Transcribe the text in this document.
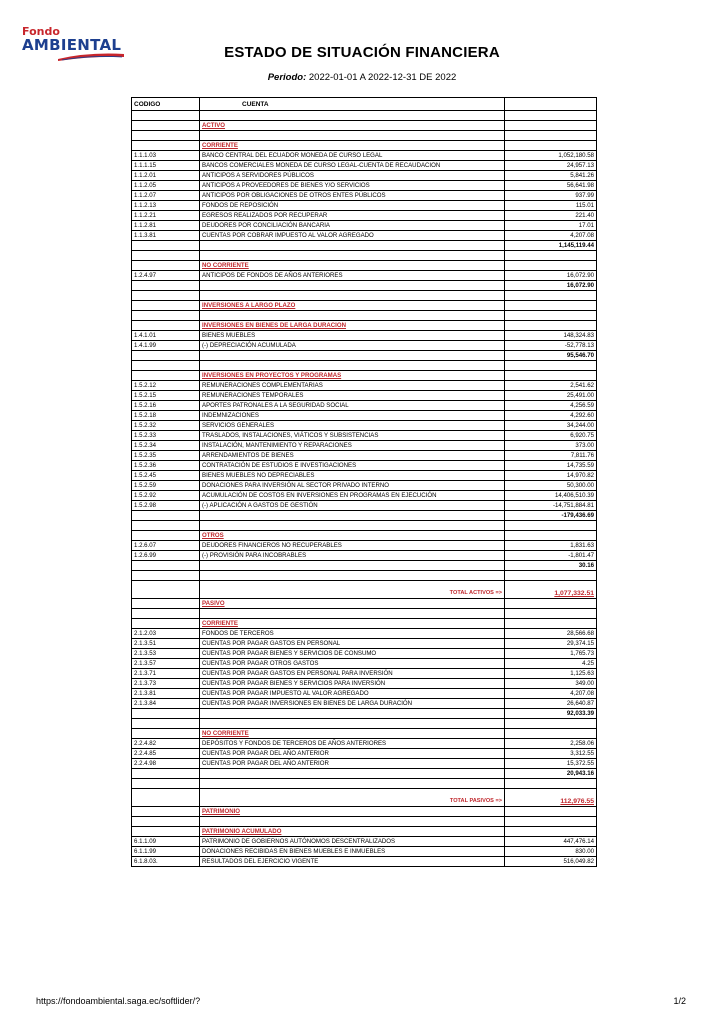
Fondo
AMBIENTAL	ESTADO DE SITUACIÓN FINANCIERA
Periodo: 2022-01-01 A 2022-12-31 DE 2022
CODIGO	CUENTA	

	ACTIVO	

	CORRIENTE	
1.1.1.03	BANCO CENTRAL DEL ECUADOR MONEDA DE CURSO LEGAL	1,052,180.58
1.1.1.15	BANCOS COMERCIALES MONEDA DE CURSO LEGAL-CUENTA DE RECAUDACION	24,957.13
1.1.2.01	ANTICIPOS A SERVIDORES PÚBLICOS	5,841.26
1.1.2.05	ANTICIPOS A PROVEEDORES DE BIENES Y/O SERVICIOS	56,641.98
1.1.2.07	ANTICIPOS POR OBLIGACIONES DE OTROS ENTES PÚBLICOS	937.99
1.1.2.13	FONDOS DE REPOSICIÓN	115.01
1.1.2.21	EGRESOS REALIZADOS POR RECUPERAR	221.40
1.1.2.81	DEUDORES POR CONCILIACIÓN BANCARIA	17.01
1.1.3.81	CUENTAS POR COBRAR IMPUESTO AL VALOR AGREGADO	4,207.08
		1,145,119.44

	NO CORRIENTE	
1.2.4.97	ANTICIPOS DE FONDOS DE AÑOS ANTERIORES	16,072.90
		16,072.90

	INVERSIONES A LARGO PLAZO	

	INVERSIONES EN BIENES DE LARGA DURACION	
1.4.1.01	BIENES MUEBLES	148,324.83
1.4.1.99	(-) DEPRECIACIÓN ACUMULADA	-52,778.13
		95,546.70

	INVERSIONES EN PROYECTOS Y PROGRAMAS	
1.5.2.12	REMUNERACIONES COMPLEMENTARIAS	2,541.62
1.5.2.15	REMUNERACIONES TEMPORALES	25,491.00
1.5.2.16	APORTES PATRONALES A LA SEGURIDAD SOCIAL	4,256.59
1.5.2.18	INDEMNIZACIONES	4,292.60
1.5.2.32	SERVICIOS GENERALES	34,244.00
1.5.2.33	TRASLADOS, INSTALACIONES, VIÁTICOS Y SUBSISTENCIAS	6,920.75
1.5.2.34	INSTALACIÓN, MANTENIMIENTO Y REPARACIONES	373.00
1.5.2.35	ARRENDAMIENTOS DE BIENES	7,811.76
1.5.2.36	CONTRATACIÓN DE ESTUDIOS E INVESTIGACIONES	14,735.59
1.5.2.45	BIENES MUEBLES NO DEPRECIABLES	14,970.82
1.5.2.59	DONACIONES PARA INVERSIÓN AL SECTOR PRIVADO INTERNO	50,300.00
1.5.2.92	ACUMULACIÓN DE COSTOS EN INVERSIONES EN PROGRAMAS EN EJECUCIÓN	14,406,510.39
1.5.2.98	(-) APLICACIÓN A GASTOS DE GESTIÓN	-14,751,884.81
		-179,436.69

	OTROS	
1.2.6.07	DEUDORES FINANCIEROS NO RECUPERABLES	1,831.63
1.2.6.99	(-) PROVISIÓN PARA INCOBRABLES	-1,801.47
		30.16

	TOTAL ACTIVOS =>	1,077,332.51
	PASIVO	

	CORRIENTE	
2.1.2.03	FONDOS DE TERCEROS	28,566.68
2.1.3.51	CUENTAS POR PAGAR GASTOS EN PERSONAL	29,374.15
2.1.3.53	CUENTAS POR PAGAR BIENES Y SERVICIOS DE CONSUMO	1,765.73
2.1.3.57	CUENTAS POR PAGAR OTROS GASTOS	4.25
2.1.3.71	CUENTAS POR PAGAR GASTOS EN PERSONAL PARA INVERSIÓN	1,125.63
2.1.3.73	CUENTAS POR PAGAR BIENES Y SERVICIOS PARA INVERSIÓN	349.00
2.1.3.81	CUENTAS POR PAGAR IMPUESTO AL VALOR AGREGADO	4,207.08
2.1.3.84	CUENTAS POR PAGAR INVERSIONES EN BIENES DE LARGA DURACIÓN	26,640.87
		92,033.39

	NO CORRIENTE	
2.2.4.82	DEPÓSITOS Y FONDOS DE TERCEROS DE AÑOS ANTERIORES	2,258.06
2.2.4.85	CUENTAS POR PAGAR DEL AÑO ANTERIOR	3,312.55
2.2.4.98	CUENTAS POR PAGAR DEL AÑO ANTERIOR	15,372.55
		20,943.16

	TOTAL PASIVOS =>	112,976.55
	PATRIMONIO	

	PATRIMONIO ACUMULADO	
6.1.1.09	PATRIMONIO DE GOBIERNOS AUTÓNOMOS DESCENTRALIZADOS	447,476.14
6.1.1.99	DONACIONES RECIBIDAS EN BIENES MUEBLES E INMUEBLES	830.00
6.1.8.03.	RESULTADOS DEL EJERCICIO VIGENTE	516,049.82
https://fondoambiental.saga.ec/softlider/?	1/2
